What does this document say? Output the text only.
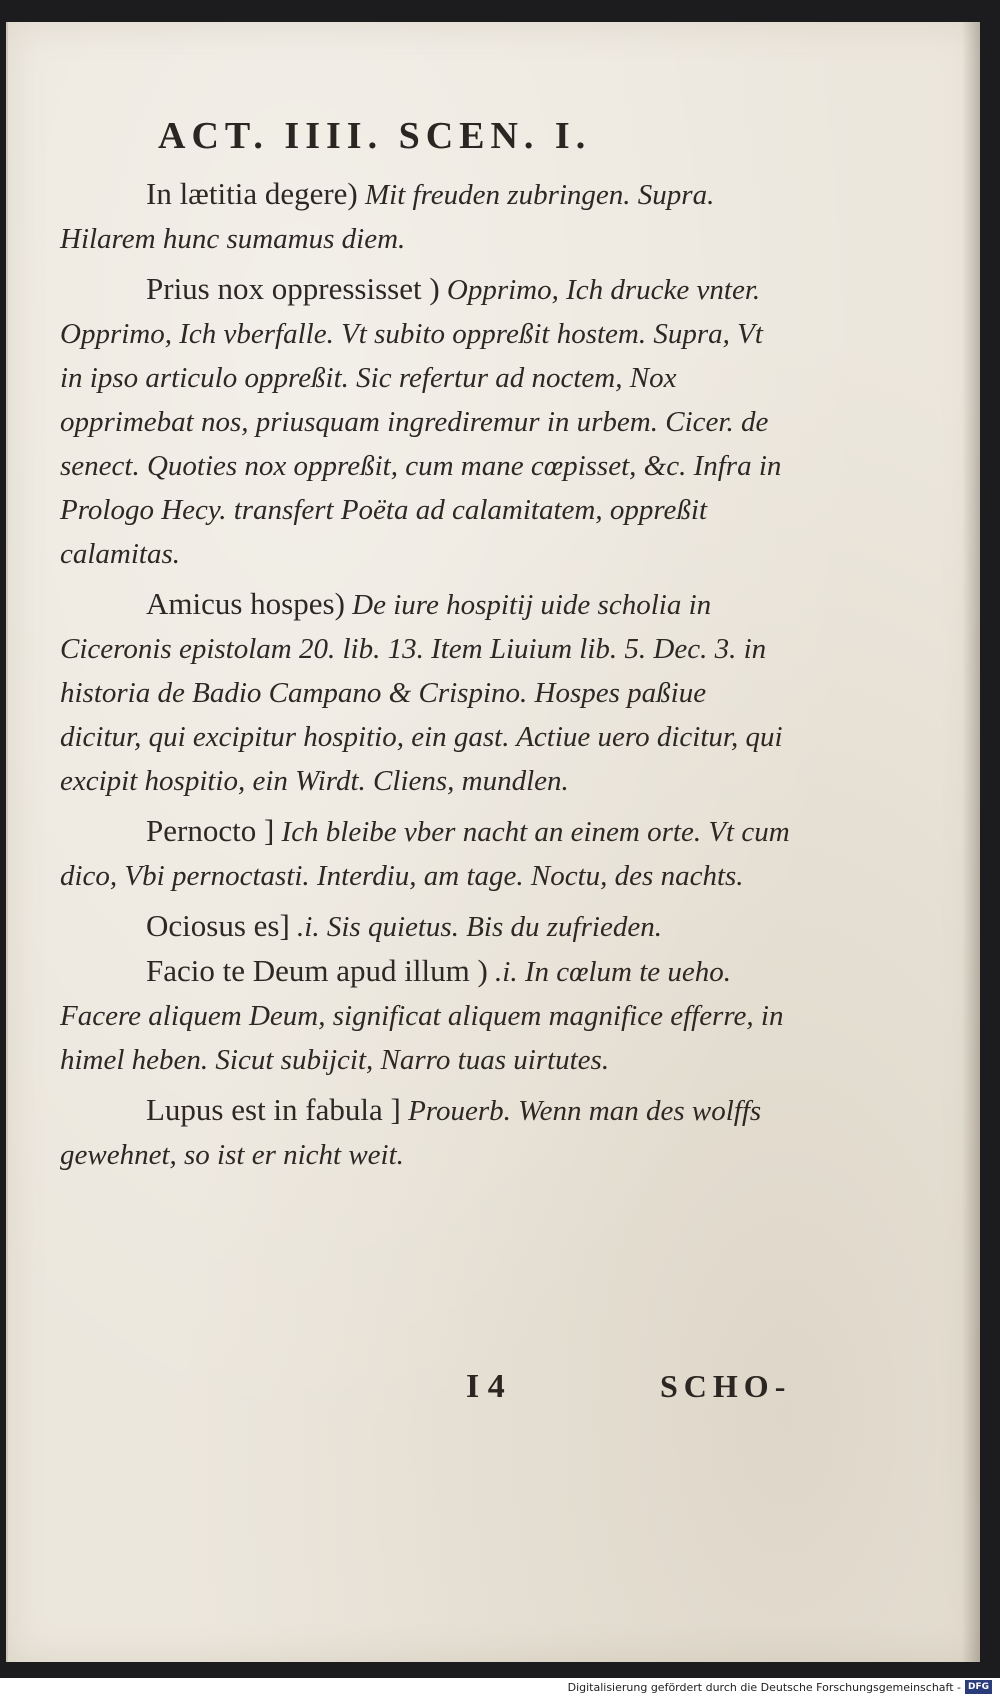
ACT. IIII. SCEN. I.

In lætitia degere) Mit freuden zubringen. Supra. Hilarem hunc sumamus diem.

Prius nox oppressisset ) Opprimo, Ich drucke vnter. Opprimo, Ich vberfalle. Vt subito oppreßit hostem. Supra, Vt in ipso articulo oppreßit. Sic refertur ad noctem, Nox opprimebat nos, priusquam ingrediremur in urbem. Cicer. de senect. Quoties nox oppreßit, cum mane cœpisset, &c. Infra in Prologo Hecy. transfert Poëta ad calamitatem, oppreßit calamitas.

Amicus hospes) De iure hospitij uide scholia in Ciceronis epistolam 20. lib. 13. Item Liuium lib. 5. Dec. 3. in historia de Badio Campano & Crispino. Hospes paßiue dicitur, qui excipitur hospitio, ein gast. Actiue uero dicitur, qui excipit hospitio, ein Wirdt. Cliens, mundlen.

Pernocto ] Ich bleibe vber nacht an einem orte. Vt cum dico, Vbi pernoctasti. Interdiu, am tage. Noctu, des nachts.

Ociosus es] .i. Sis quietus. Bis du zufrieden.

Facio te Deum apud illum ) .i. In cœlum te ueho. Facere aliquem Deum, significat aliquem magnifice efferre, in himel heben. Sicut subijcit, Narro tuas uirtutes.

Lupus est in fabula ] Prouerb. Wenn man des wolffs gewehnet, so ist er nicht weit.

I 4	SCHO-
Digitalisierung gefördert durch die Deutsche Forschungsgemeinschaft - DFG
